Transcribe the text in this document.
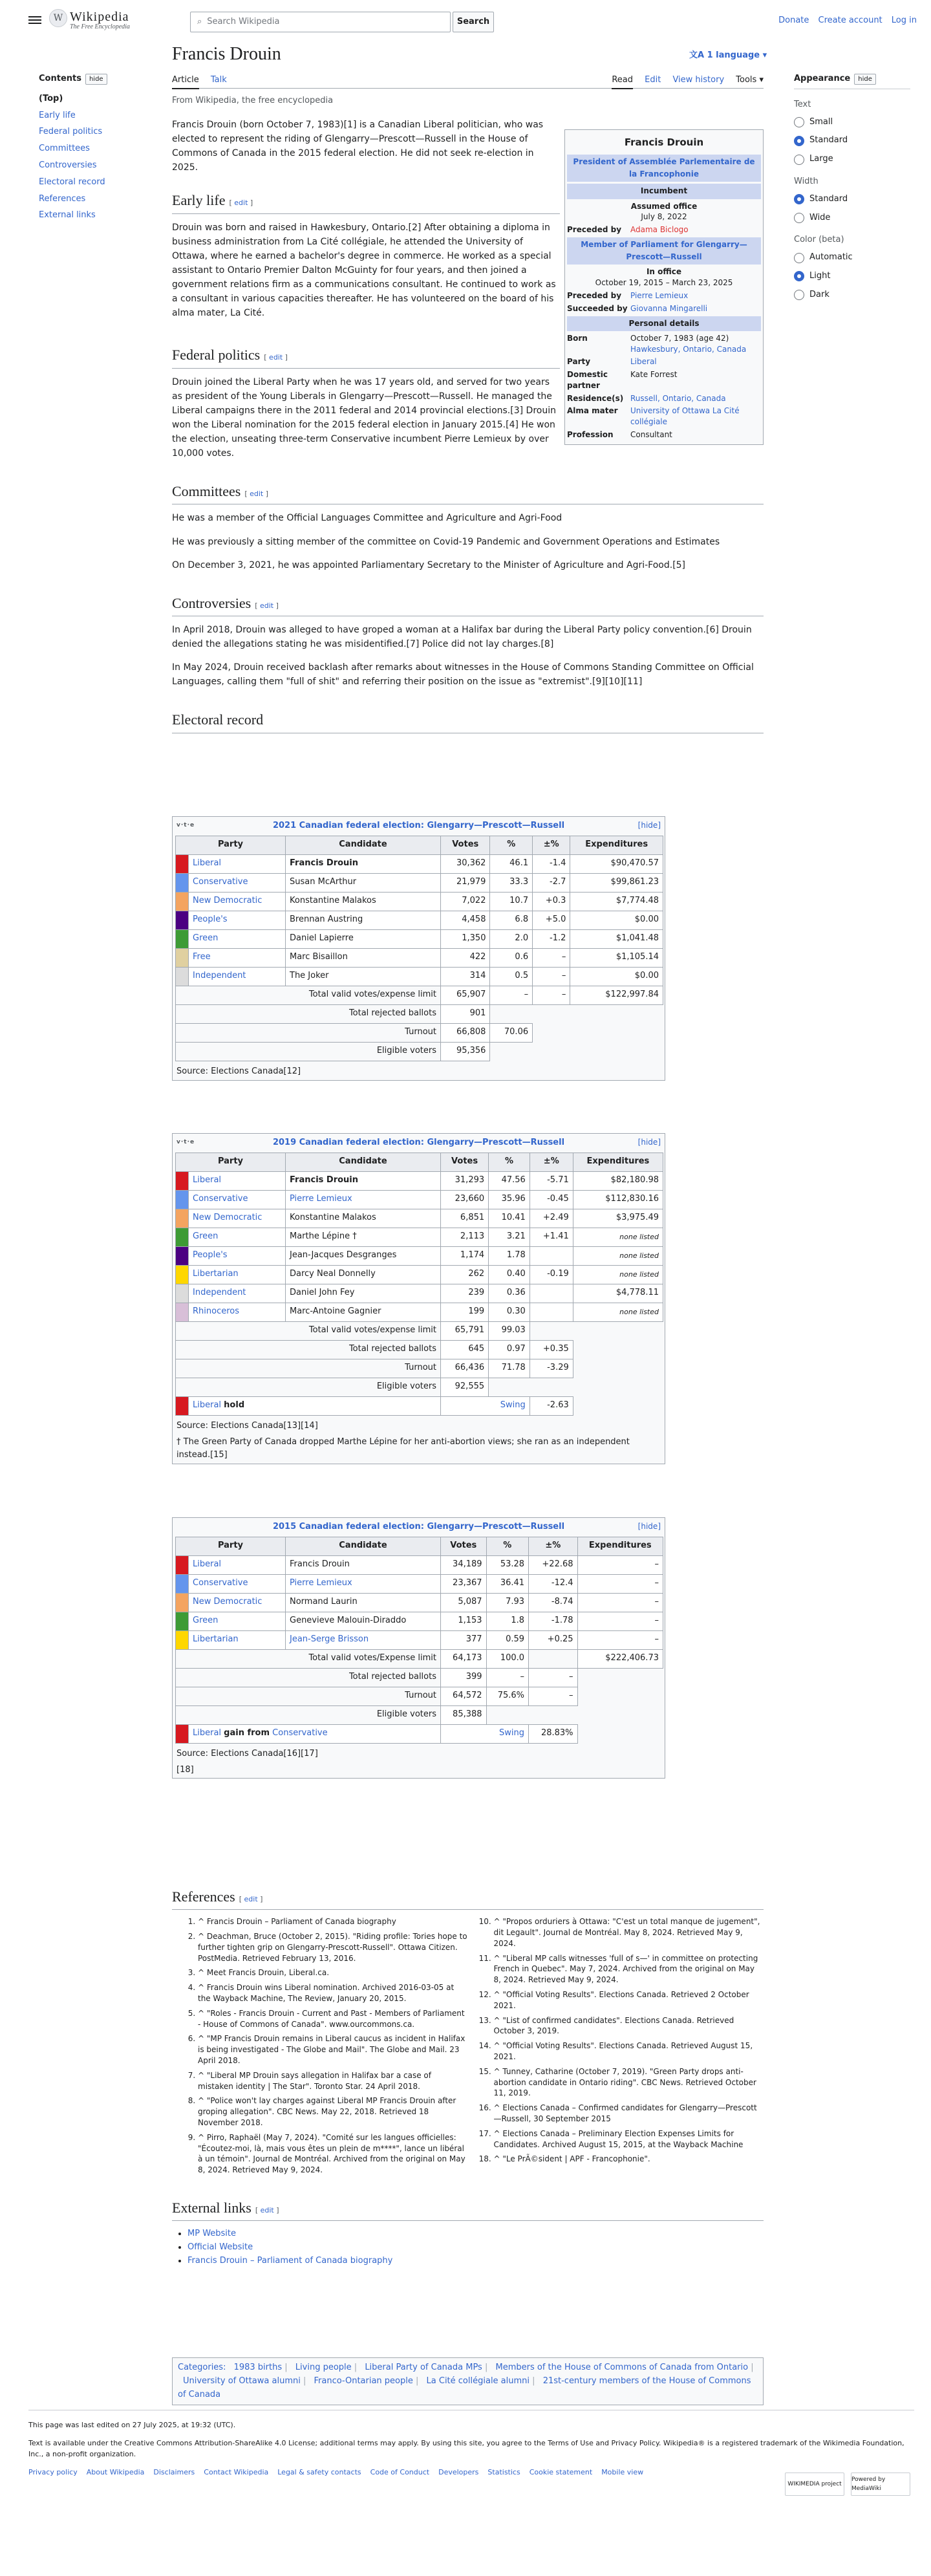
W Wikipedia
The Free Encyclopedia
⌕ Search Wikipedia	Search	Donate Create account Log in
Contents hide
(Top)
Early life
Federal politics
Committees
Controversies
Electoral record
References
External links
Francis Drouin	文A 1 language ▾
Article Talk	Read Edit View history Tools ▾
From Wikipedia, the free encyclopedia
Appearance hide
Text
Small
Standard
Large
Width
Standard
Wide
Color (beta)
Automatic
Light
Dark
Francis Drouin
President of Assemblée Parlementaire de la Francophonie
Incumbent
Assumed office
July 8, 2022
Preceded by	Adama Biclogo
Member of Parliament for Glengarry—Prescott—Russell
In office
October 19, 2015 – March 23, 2025
Preceded by	Pierre Lemieux
Succeeded by Giovanna Mingarelli
Personal details
Born	October 7, 1983 (age 42)
Hawkesbury, Ontario, Canada
Party	Liberal
Domestic partner
Kate Forrest
Residence(s) Russell, Ontario, Canada
Alma mater	University of Ottawa La Cité collégiale
Profession	Consultant

Francis Drouin (born October 7, 1983)[1] is a Canadian Liberal politician, who was elected to represent the riding of Glengarry—Prescott—Russell in the House of Commons of Canada in the 2015 federal election. He did not seek re-election in 2025.

Early life [ edit ]

Drouin was born and raised in Hawkesbury, Ontario.[2] After obtaining a diploma in business administration from La Cité collégiale, he attended the University of Ottawa, where he earned a bachelor's degree in commerce. He worked as a special assistant to Ontario Premier Dalton McGuinty for four years, and then joined a government relations firm as a communications consultant. He continued to work as a consultant in various capacities thereafter. He has volunteered on the board of his alma mater, La Cité.

Federal politics [ edit ]

Drouin joined the Liberal Party when he was 17 years old, and served for two years as president of the Young Liberals in Glengarry—Prescott—Russell. He managed the Liberal campaigns there in the 2011 federal and 2014 provincial elections.[3] Drouin won the Liberal nomination for the 2015 federal election in January 2015.[4] He won the election, unseating three-term Conservative incumbent Pierre Lemieux by over 10,000 votes.

Committees [ edit ]

He was a member of the Official Languages Committee and Agriculture and Agri-Food

He was previously a sitting member of the committee on Covid-19 Pandemic and Government Operations and Estimates

On December 3, 2021, he was appointed Parliamentary Secretary to the Minister of Agriculture and Agri-Food.[5]

Controversies [ edit ]

In April 2018, Drouin was alleged to have groped a woman at a Halifax bar during the Liberal Party policy convention.[6] Drouin denied the allegations stating he was misidentified.[7] Police did not lay charges.[8]

In May 2024, Drouin received backlash after remarks about witnesses in the House of Commons Standing Committee on Official Languages, calling them "full of shit" and referring their position on the issue as "extremist".[9][10][11]

Electoral record
2021 Canadian federal election: Glengarry—Prescott—Russell
v·t·e	[hide]
Party		Candidate	Votes	%	±%	Expenditures
	Liberal	Francis Drouin	30,362	46.1	-1.4	$90,470.57
	Conservative	Susan McArthur	21,979	33.3	-2.7	$99,861.23
	New Democratic	Konstantine Malakos	7,022	10.7	+0.3	$7,774.48
	People's	Brennan Austring	4,458	6.8	+5.0	$0.00
	Green	Daniel Lapierre	1,350	2.0	-1.2	$1,041.48
	Free	Marc Bisaillon	422	0.6	–	$1,105.14
	Independent	The Joker	314	0.5	–	$0.00
Total valid votes/expense limit			65,907	–	–	$122,997.84
Total rejected ballots			901			
Turnout			66,808	70.06		
Eligible voters			95,356			
Source: Elections Canada[12]
2019 Canadian federal election: Glengarry—Prescott—Russell
v·t·e	[hide]
Party		Candidate	Votes	%	±%	Expenditures
	Liberal	Francis Drouin	31,293	47.56	-5.71	$82,180.98
	Conservative	Pierre Lemieux	23,660	35.96	-0.45	$112,830.16
	New Democratic	Konstantine Malakos	6,851	10.41	+2.49	$3,975.49
	Green	Marthe Lépine †	2,113	3.21	+1.41	none listed
	People's	Jean-Jacques Desgranges	1,174	1.78		none listed
	Libertarian	Darcy Neal Donnelly	262	0.40	-0.19	none listed
	Independent	Daniel John Fey	239	0.36		$4,778.11
	Rhinoceros	Marc-Antoine Gagnier	199	0.30		none listed
Total valid votes/expense limit			65,791	99.03		
Total rejected ballots			645	0.97	+0.35	
Turnout			66,436	71.78	-3.29	
Eligible voters			92,555			
	Liberal hold		Swing		-2.63	
Source: Elections Canada[13][14]
† The Green Party of Canada dropped Marthe Lépine for her anti-abortion views; she ran as an independent instead.[15]
2015 Canadian federal election: Glengarry—Prescott—Russell	[hide]
Party		Candidate	Votes	%	±%	Expenditures
	Liberal	Francis Drouin	34,189	53.28	+22.68	–
	Conservative	Pierre Lemieux	23,367	36.41	-12.4	–
	New Democratic	Normand Laurin	5,087	7.93	-8.74	–
	Green	Genevieve Malouin-Diraddo	1,153	1.8	-1.78	–
	Libertarian	Jean-Serge Brisson	377	0.59	+0.25	–
Total valid votes/Expense limit			64,173	100.0		$222,406.73
Total rejected ballots			399	–	–	
Turnout			64,572	75.6%	–	
Eligible voters			85,388			
	Liberal gain from Conservative		Swing		28.83%	
Source: Elections Canada[16][17]
[18]
References [ edit ]
1. ^ Francis Drouin – Parliament of Canada biography
2. ^ Deachman, Bruce (October 2, 2015). "Riding profile: Tories hope to further tighten grip on Glengarry-Prescott-Russell". Ottawa Citizen. PostMedia. Retrieved February 13, 2016.
3. ^ Meet Francis Drouin, Liberal.ca.
4. ^ Francis Drouin wins Liberal nomination. Archived 2016-03-05 at the Wayback Machine, The Review, January 20, 2015.
5. ^ "Roles - Francis Drouin - Current and Past - Members of Parliament - House of Commons of Canada". www.ourcommons.ca.
6. ^ "MP Francis Drouin remains in Liberal caucus as incident in Halifax is being investigated - The Globe and Mail". The Globe and Mail. 23 April 2018.
7. ^ "Liberal MP Drouin says allegation in Halifax bar a case of mistaken identity | The Star". Toronto Star. 24 April 2018.
8. ^ "Police won't lay charges against Liberal MP Francis Drouin after groping allegation". CBC News. May 22, 2018. Retrieved 18 November 2018.
9. ^ Pirro, Raphaël (May 7, 2024). "Comité sur les langues officielles: "Écoutez-moi, là, mais vous êtes un plein de m****", lance un libéral à un témoin". Journal de Montréal. Archived from the original on May 8, 2024. Retrieved May 9, 2024.
10. ^ "Propos orduriers à Ottawa: "C'est un total manque de jugement", dit Legault". Journal de Montréal. May 8, 2024. Retrieved May 9, 2024.
11. ^ "Liberal MP calls witnesses 'full of s—' in committee on protecting French in Quebec". May 7, 2024. Archived from the original on May 8, 2024. Retrieved May 9, 2024.
12. ^ "Official Voting Results". Elections Canada. Retrieved 2 October 2021.
13. ^ "List of confirmed candidates". Elections Canada. Retrieved October 3, 2019.
14. ^ "Official Voting Results". Elections Canada. Retrieved August 15, 2021.
15. ^ Tunney, Catharine (October 7, 2019). "Green Party drops anti-abortion candidate in Ontario riding". CBC News. Retrieved October 11, 2019.
16. ^ Elections Canada – Confirmed candidates for Glengarry—Prescott—Russell, 30 September 2015
17. ^ Elections Canada – Preliminary Election Expenses Limits for Candidates. Archived August 15, 2015, at the Wayback Machine
18. ^ "Le PrÃ©sident | APF - Francophonie".
External links [ edit ]
• MP Website
• Official Website
• Francis Drouin – Parliament of Canada biography
Categories: 1983 births | Living people | Liberal Party of Canada MPs | Members of the House of Commons of Canada from Ontario | University of Ottawa alumni | Franco-Ontarian people | La Cité collégiale alumni | 21st-century members of the House of Commons of Canada

This page was last edited on 27 July 2025, at 19:32 (UTC).

Text is available under the Creative Commons Attribution-ShareAlike 4.0 License; additional terms may apply. By using this site, you agree to the Terms of Use and Privacy Policy. Wikipedia® is a registered trademark of the Wikimedia Foundation, Inc., a non-profit organization.

Privacy policy About Wikipedia Disclaimers Contact Wikipedia Legal & safety contacts Code of Conduct Developers Statistics Cookie statement Mobile view
WIKIMEDIA project
Powered by MediaWiki
